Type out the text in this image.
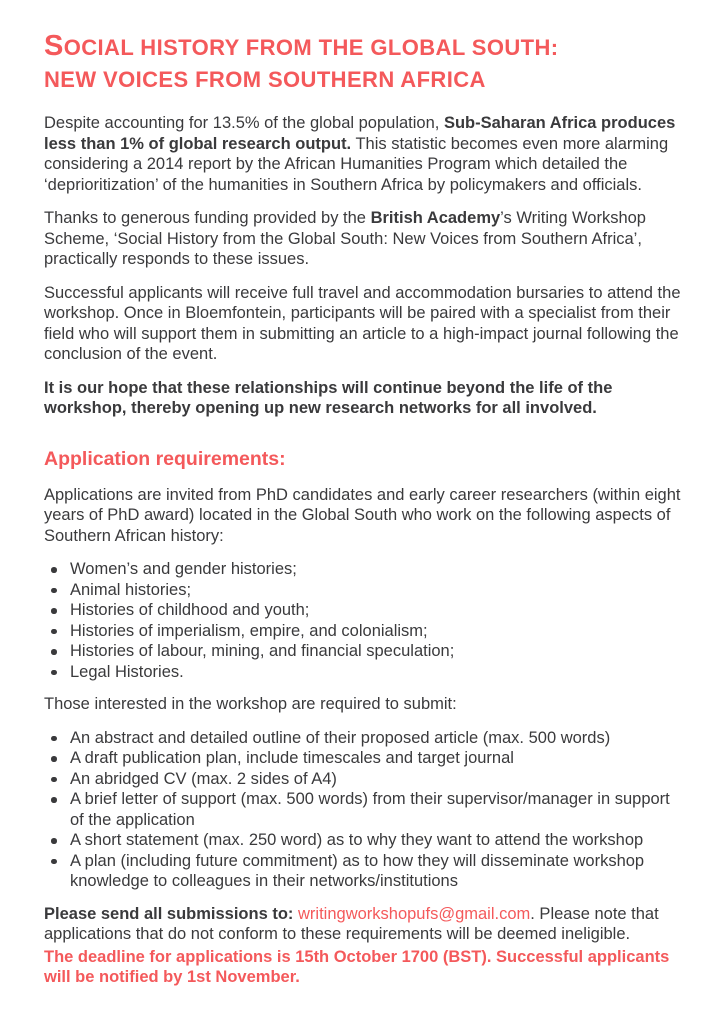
SOCIAL HISTORY FROM THE GLOBAL SOUTH:
NEW VOICES FROM SOUTHERN AFRICA

Despite accounting for 13.5% of the global population, Sub-Saharan Africa produces less than 1% of global research output. This statistic becomes even more alarming considering a 2014 report by the African Humanities Program which detailed the ‘deprioritization’ of the humanities in Southern Africa by policymakers and officials.

Thanks to generous funding provided by the British Academy’s Writing Workshop Scheme, ‘Social History from the Global South: New Voices from Southern Africa’, practically responds to these issues.

Successful applicants will receive full travel and accommodation bursaries to attend the workshop. Once in Bloemfontein, participants will be paired with a specialist from their field who will support them in submitting an article to a high-impact journal following the conclusion of the event.

It is our hope that these relationships will continue beyond the life of the workshop, thereby opening up new research networks for all involved.

Application requirements:

Applications are invited from PhD candidates and early career researchers (within eight years of PhD award) located in the Global South who work on the following aspects of Southern African history:

Women’s and gender histories;
Animal histories;
Histories of childhood and youth;
Histories of imperialism, empire, and colonialism;
Histories of labour, mining, and financial speculation;
Legal Histories.

Those interested in the workshop are required to submit:

An abstract and detailed outline of their proposed article (max. 500 words)
A draft publication plan, include timescales and target journal
An abridged CV (max. 2 sides of A4)
A brief letter of support (max. 500 words) from their supervisor/manager in support of the application
A short statement (max. 250 word) as to why they want to attend the workshop
A plan (including future commitment) as to how they will disseminate workshop knowledge to colleagues in their networks/institutions

Please send all submissions to: writingworkshopufs@gmail.com. Please note that applications that do not conform to these requirements will be deemed ineligible.

The deadline for applications is 15th October 1700 (BST). Successful applicants will be notified by 1st November.
